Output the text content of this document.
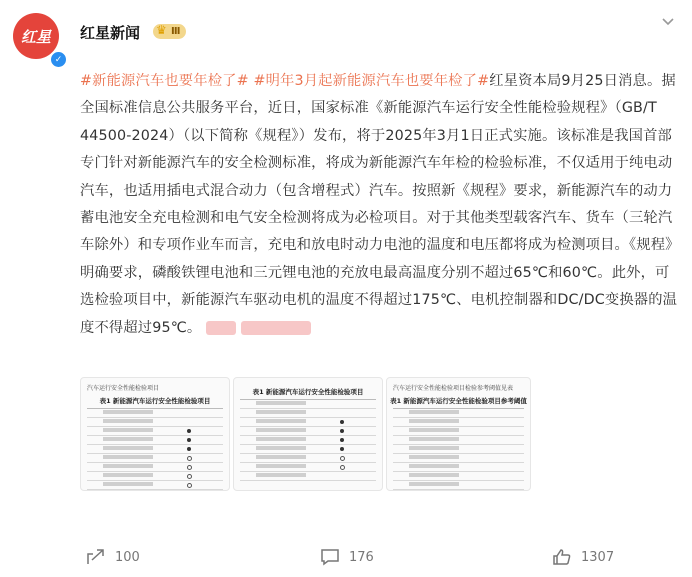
红星
✓
红星新闻 ♛ Ⅲ
#新能源汽车也要年检了# #明年3月起新能源汽车也要年检了#红星资本局9月25日消息。据全国标准信息公共服务平台，近日，国家标准《新能源汽车运行安全性能检验规程》（GB/T 44500-2024）（以下简称《规程》）发布，将于2025年3月1日正式实施。该标准是我国首部专门针对新能源汽车的安全检测标准，将成为新能源汽车年检的检验标准，不仅适用于纯电动汽车，也适用插电式混合动力（包含增程式）汽车。按照新《规程》要求，新能源汽车的动力蓄电池安全充电检测和电气安全检测将成为必检项目。对于其他类型载客汽车、货车（三轮汽车除外）和专项作业车而言，充电和放电时动力电池的温度和电压都将成为检测项目。《规程》明确要求，磷酸铁锂电池和三元锂电池的充放电最高温度分别不超过65℃和60℃。此外，可选检验项目中，新能源汽车驱动电机的温度不得超过175℃、电机控制器和DC/DC变换器的温度不得超过95℃。
汽车运行安全性能检验项目
表1 新能源汽车运行安全性能检验项目
表1 新能源汽车运行安全性能检验项目	汽车运行安全性能检验项目检验参考阈值见表
表1 新能源汽车运行安全性能检验项目参考阈值
100	176	1307
